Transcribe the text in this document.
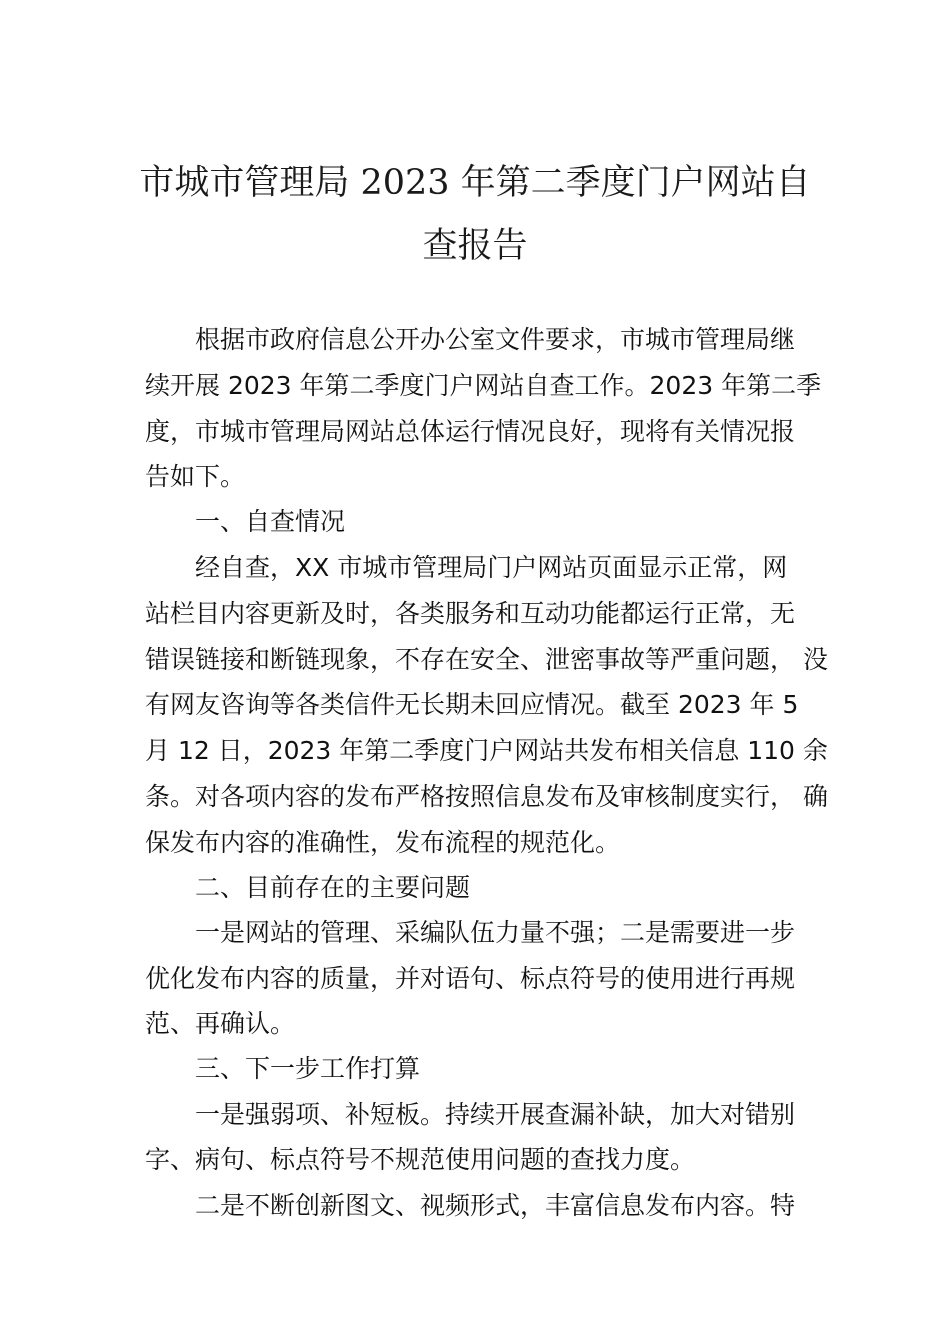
市城市管理局 2023 年第二季度门户网站自
查报告
根据市政府信息公开办公室文件要求，市城市管理局继
续开展 2023 年第二季度门户网站自查工作。2023 年第二季
度，市城市管理局网站总体运行情况良好，现将有关情况报
告如下。
一、自查情况
经自查，XX 市城市管理局门户网站页面显示正常，网
站栏目内容更新及时，各类服务和互动功能都运行正常，无
错误链接和断链现象，不存在安全、泄密事故等严重问题， 没
有网友咨询等各类信件无长期未回应情况。截至 2023 年 5
月 12 日，2023 年第二季度门户网站共发布相关信息 110 余
条。对各项内容的发布严格按照信息发布及审核制度实行， 确
保发布内容的准确性，发布流程的规范化。
二、目前存在的主要问题
一是网站的管理、采编队伍力量不强；二是需要进一步
优化发布内容的质量，并对语句、标点符号的使用进行再规
范、再确认。
三、下一步工作打算
一是强弱项、补短板。持续开展查漏补缺，加大对错别
字、病句、标点符号不规范使用问题的查找力度。
二是不断创新图文、视频形式，丰富信息发布内容。特
